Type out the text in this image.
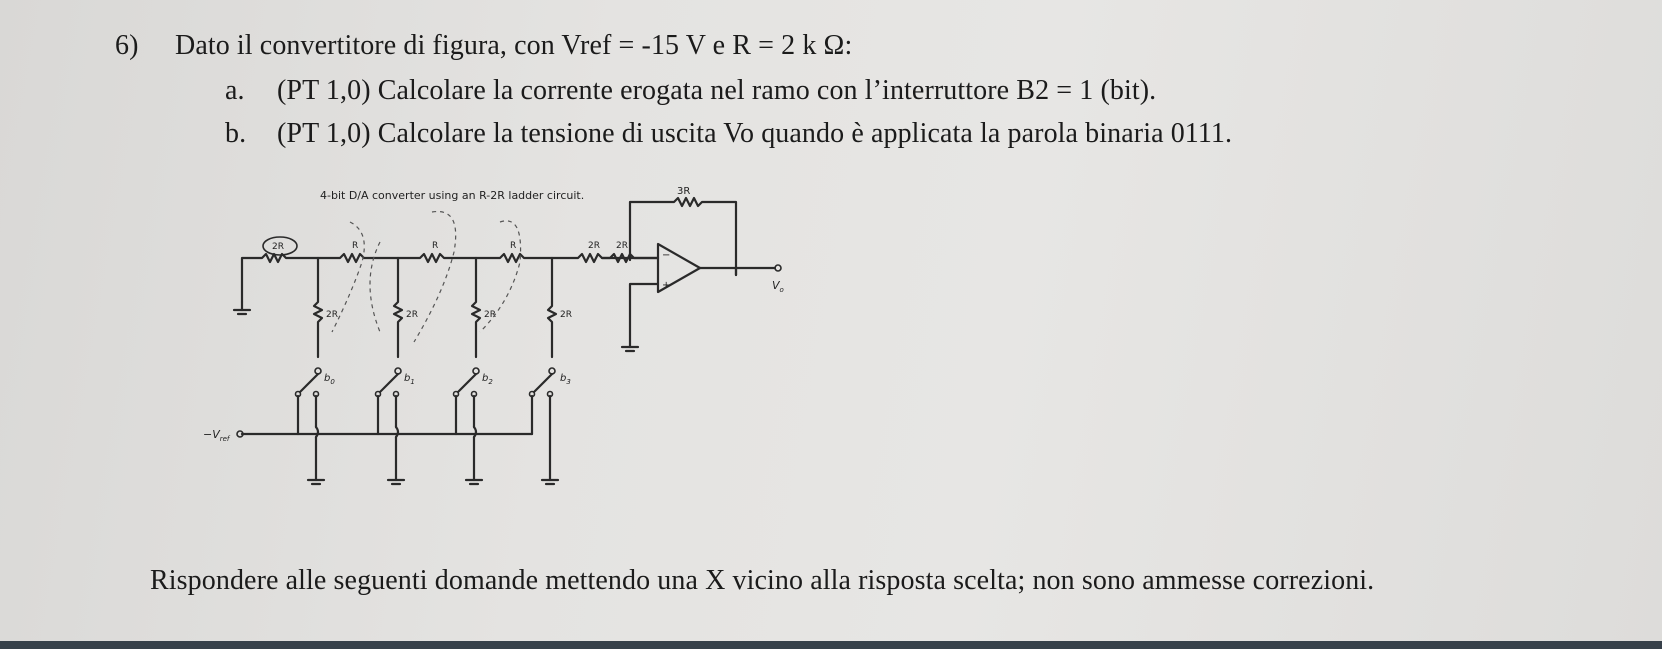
6) Dato il convertitore di figura, con Vref = -15 V e R = 2 k Ω:
a. (PT 1,0) Calcolare la corrente erogata nel ramo con l’interruttore B2 = 1 (bit).
b. (PT 1,0) Calcolare la tensione di uscita Vo quando è applicata la parola binaria 0111.
4-bit D/A converter using an R-2R ladder circuit.	3R
2R	R	R	R	2R
2R	2R	2R	2R
$b_0$	$b_1$	$b_2$	$b_3$
$-V_{ref}$
2R
−
+	$V_o$
Rispondere alle seguenti domande mettendo una X vicino alla risposta scelta; non sono ammesse correzioni.
